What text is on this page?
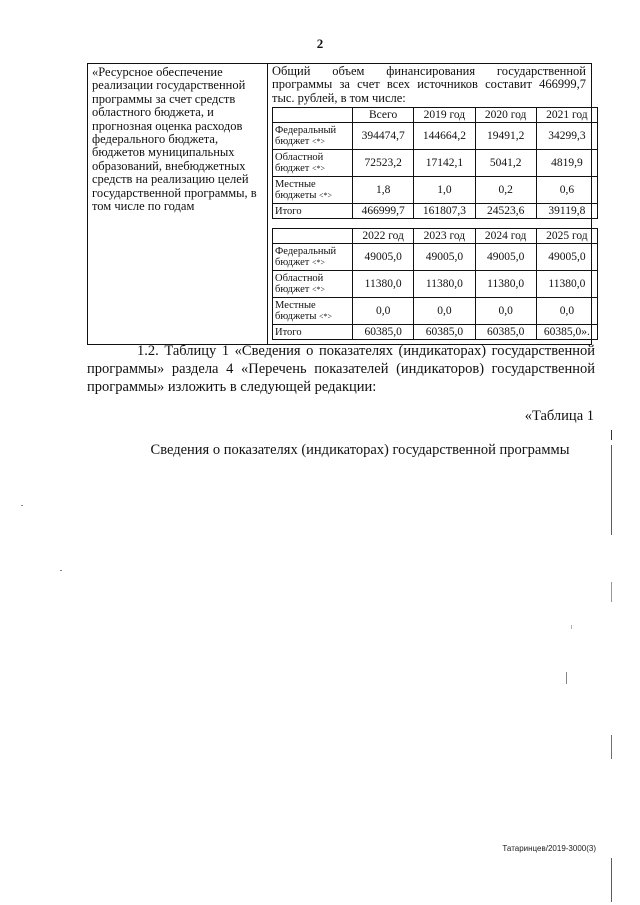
2
«Ресурсное обеспечение реализации государственной программы за счет средств областного бюджета, и прогнозная оценка расходов федерального бюджета, бюджетов муниципальных образований, внебюджетных средств на реализацию целей государственной программы, в том числе по годам	

Общий объем финансирования государственной программы за счет всех источников составит 466999,7 тыс. рублей, в том числе:

	Всего	2019 год	2020 год	2021 год
Федеральный бюджет <*>	394474,7	144664,2	19491,2	34299,3
Областной бюджет <*>	72523,2	17142,1	5041,2	4819,9
Местные бюджеты <*>	1,8	1,0	0,2	0,6
Итого	466999,7	161807,3	24523,6	39119,8
	2022 год	2023 год	2024 год	2025 год
Федеральный бюджет <*>	49005,0	49005,0	49005,0	49005,0
Областной бюджет <*>	11380,0	11380,0	11380,0	11380,0
Местные бюджеты <*>	0,0	0,0	0,0	0,0
Итого	60385,0	60385,0	60385,0	60385,0».

1.2. Таблицу 1 «Сведения о показателях (индикаторах) государственной программы» раздела 4 «Перечень показателей (индикаторов) государственной программы» изложить в следующей редакции:

«Таблица 1
Сведения о показателях (индикаторах) государственной программы
Татаринцев/2019-3000(3)
